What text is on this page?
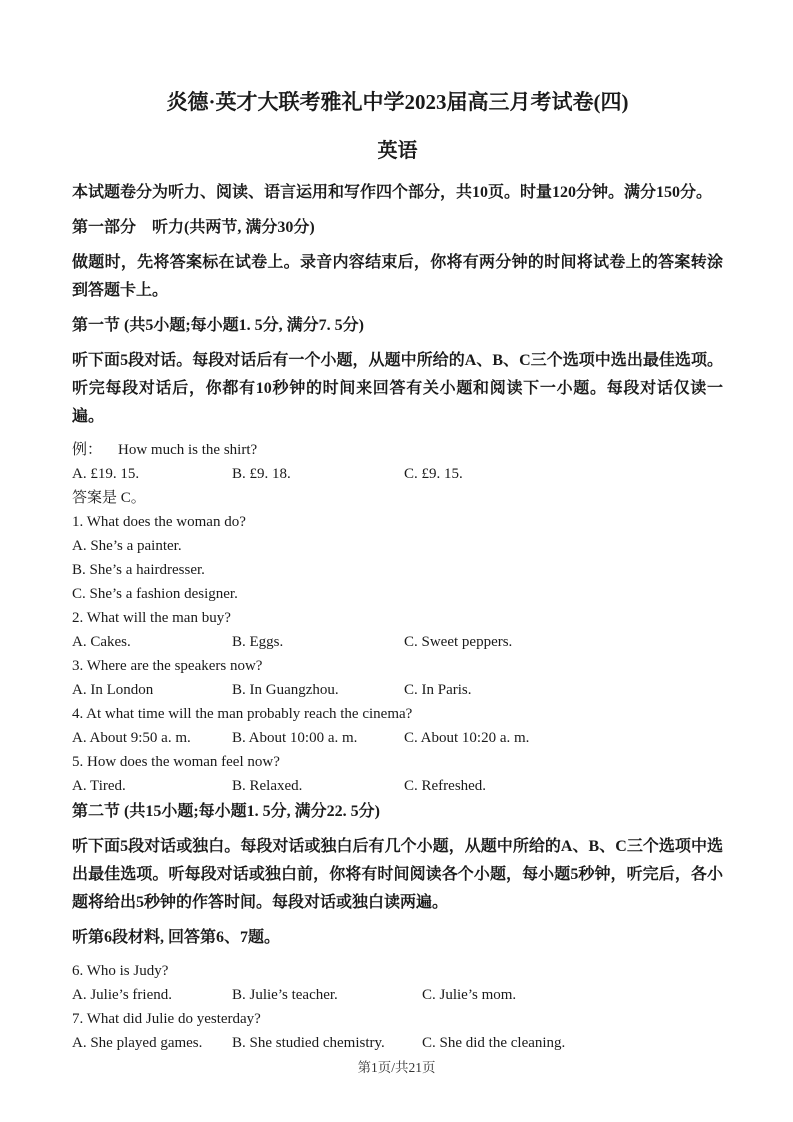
炎德·英才大联考雅礼中学2023届高三月考试卷(四)
英语

本试题卷分为听力、阅读、语言运用和写作四个部分，共10页。时量120分钟。满分150分。

第一部分　听力(共两节, 满分30分)

做题时，先将答案标在试卷上。录音内容结束后，你将有两分钟的时间将试卷上的答案转涂到答题卡上。

第一节 (共5小题;每小题1. 5分, 满分7. 5分)

听下面5段对话。每段对话后有一个小题，从题中所给的A、B、C三个选项中选出最佳选项。听完每段对话后，你都有10秒钟的时间来回答有关小题和阅读下一小题。每段对话仅读一遍。

例： How much is the shirt?

A. £19. 15.	B. £9. 18.	C. £9. 15.

答案是 C。

1. What does the woman do?

A. She’s a painter.

B. She’s a hairdresser.

C. She’s a fashion designer.

2. What will the man buy?

A. Cakes.	B. Eggs.	C. Sweet peppers.

3. Where are the speakers now?

A. In London	B. In Guangzhou.	C. In Paris.

4. At what time will the man probably reach the cinema?

A. About 9:50 a. m.	B. About 10:00 a. m.	C. About 10:20 a. m.

5. How does the woman feel now?

A. Tired.	B. Relaxed.	C. Refreshed.

第二节 (共15小题;每小题1. 5分, 满分22. 5分)

听下面5段对话或独白。每段对话或独白后有几个小题，从题中所给的A、B、C三个选项中选出最佳选项。听每段对话或独白前，你将有时间阅读各个小题，每小题5秒钟，听完后，各小题将给出5秒钟的作答时间。每段对话或独白读两遍。

听第6段材料, 回答第6、7题。

6. Who is Judy?

A. Julie’s friend.	B. Julie’s teacher.	C. Julie’s mom.

7. What did Julie do yesterday?

A. She played games.	B. She studied chemistry.	C. She did the cleaning.
第1页/共21页
